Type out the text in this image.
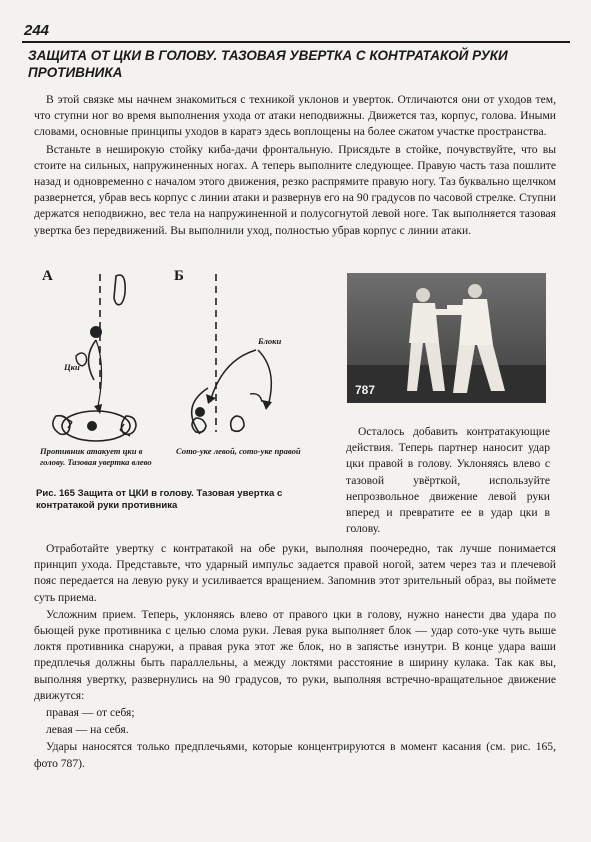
244
ЗАЩИТА ОТ ЦКИ В ГОЛОВУ. ТАЗОВАЯ УВЕРТКА С КОНТРАТАКОЙ РУКИ ПРОТИВНИКА

В этой связке мы начнем знакомиться с техникой уклонов и уверток. Отличаются они от уходов тем, что ступни ног во время выполнения ухода от атаки неподвижны. Движется таз, корпус, голова. Иными словами, основные принципы уходов в каратэ здесь воплощены на более сжатом участке пространства.

Встаньте в неширокую стойку киба-дачи фронтальную. Присядьте в стойке, почувствуйте, что вы стоите на сильных, напружиненных ногах. А теперь выполните следующее. Правую часть таза пошлите назад и одновременно с началом этого движения, резко распрямите правую ногу. Таз буквально щелчком развернется, убрав весь корпус с линии атаки и развернув его на 90 градусов по часовой стрелке. Ступни держатся неподвижно, вес тела на напружиненной и полусогнутой левой ноге. Так выполняется тазовая увертка без передвижений. Вы выполнили уход, полностью убрав корпус с линии атаки.

А	Б
Цки
Блоки
Противник атакует цки в голову. Тазовая увертка влево
Сото-уке левой, сото-уке правой
Рис. 165 Защита от ЦКИ в голову. Тазовая увертка с контратакой руки противника
787

Осталось добавить контратакующие действия. Теперь партнер наносит удар цки правой в голову. Уклоняясь влево с тазовой увёрткой, используйте непрозвольное движение левой руки вперед и превратите ее в удар цки в голову.

Отработайте увертку с контратакой на обе руки, выполняя поочередно, так лучше понимается принцип ухода. Представьте, что ударный импульс задается правой ногой, затем через таз и плечевой пояс передается на левую руку и усиливается вращением. Запомнив этот зрительный образ, вы поймете суть приема.

Усложним прием. Теперь, уклоняясь влево от правого цки в голову, нужно нанести два удара по бьющей руке противника с целью слома руки. Левая рука выполняет блок — удар сото-уке чуть выше локтя противника снаружи, а правая рука этот же блок, но в запястье изнутри. В конце удара ваши предплечья должны быть параллельны, а между локтями расстояние в ширину кулака. Так как вы, выполняя увертку, развернулись на 90 градусов, то руки, выполняя встречно-вращательное движение движутся:

правая — от себя;

левая — на себя.

Удары наносятся только предплечьями, которые концентрируются в момент касания (см. рис. 165, фото 787).
